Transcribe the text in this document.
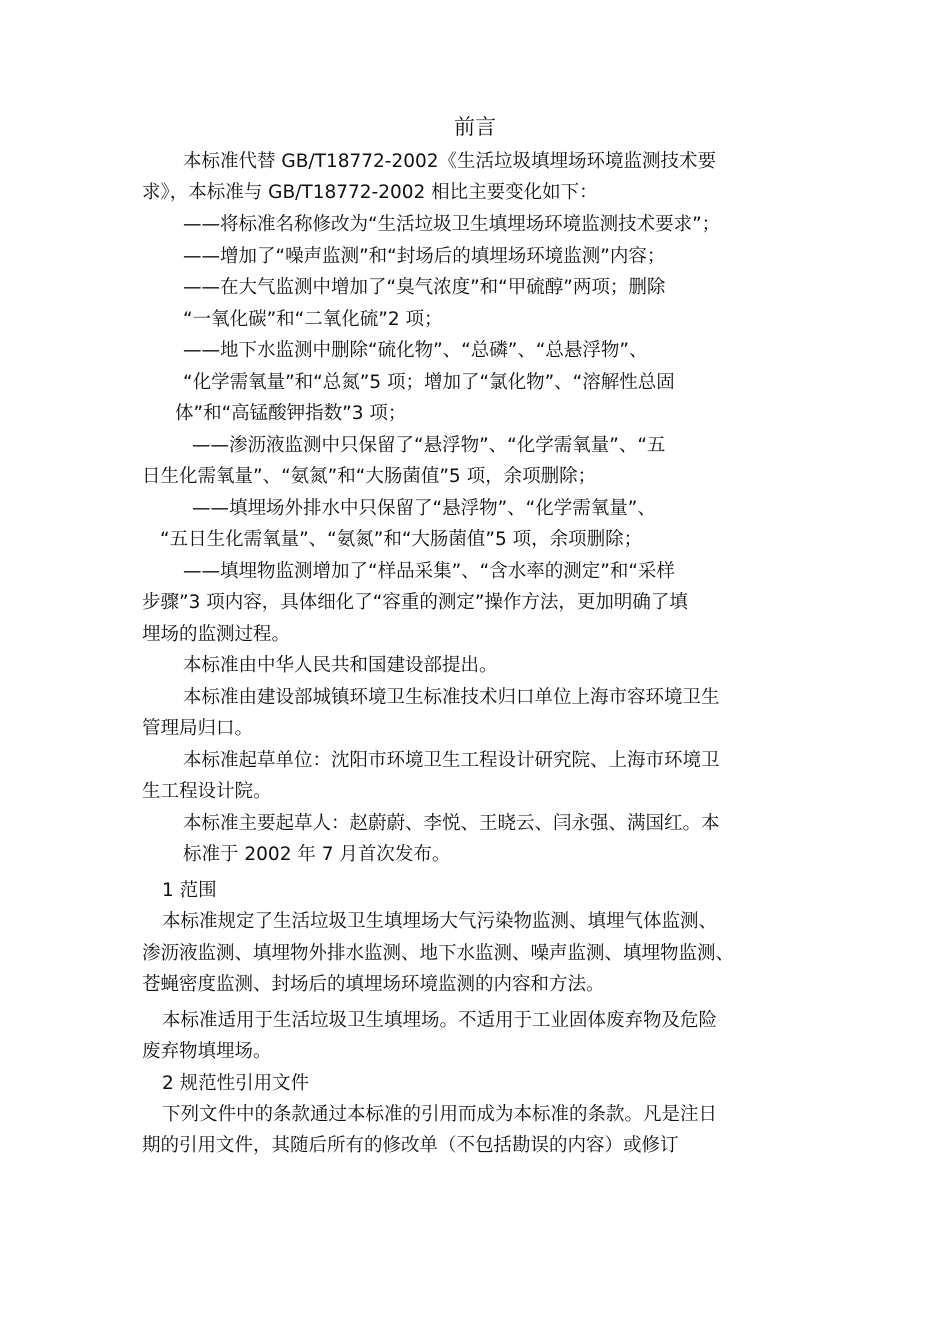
前言

本标准代替 GB/T18772-2002《生活垃圾填埋场环境监测技术要

求》，本标准与 GB/T18772-2002 相比主要变化如下：

——将标准名称修改为“生活垃圾卫生填埋场环境监测技术要求”；

——增加了“噪声监测”和“封场后的填埋场环境监测”内容；

——在大气监测中增加了“臭气浓度”和“甲硫醇”两项；删除

“一氧化碳”和“二氧化硫”2 项；

——地下水监测中删除“硫化物”、“总磷”、“总悬浮物”、

“化学需氧量”和“总氮”5 项；增加了“氯化物”、“溶解性总固

体”和“高锰酸钾指数”3 项；

——渗沥液监测中只保留了“悬浮物”、“化学需氧量”、“五

日生化需氧量”、“氨氮”和“大肠菌值”5 项，余项删除；

——填埋场外排水中只保留了“悬浮物”、“化学需氧量”、

“五日生化需氧量”、“氨氮”和“大肠菌值”5 项，余项删除；

——填埋物监测增加了“样品采集”、“含水率的测定”和“采样

步骤”3 项内容，具体细化了“容重的测定”操作方法，更加明确了填

埋场的监测过程。

本标准由中华人民共和国建设部提出。

本标准由建设部城镇环境卫生标准技术归口单位上海市容环境卫生

管理局归口。

本标准起草单位：沈阳市环境卫生工程设计研究院、上海市环境卫

生工程设计院。

本标准主要起草人：赵蔚蔚、李悦、王晓云、闫永强、满国红。本

标准于 2002 年 7 月首次发布。

1 范围

本标准规定了生活垃圾卫生填埋场大气污染物监测、填埋气体监测、

渗沥液监测、填埋物外排水监测、地下水监测、噪声监测、填埋物监测、

苍蝇密度监测、封场后的填埋场环境监测的内容和方法。

本标准适用于生活垃圾卫生填埋场。不适用于工业固体废弃物及危险

废弃物填埋场。

2 规范性引用文件

下列文件中的条款通过本标准的引用而成为本标准的条款。凡是注日

期的引用文件，其随后所有的修改单（不包括勘误的内容）或修订
